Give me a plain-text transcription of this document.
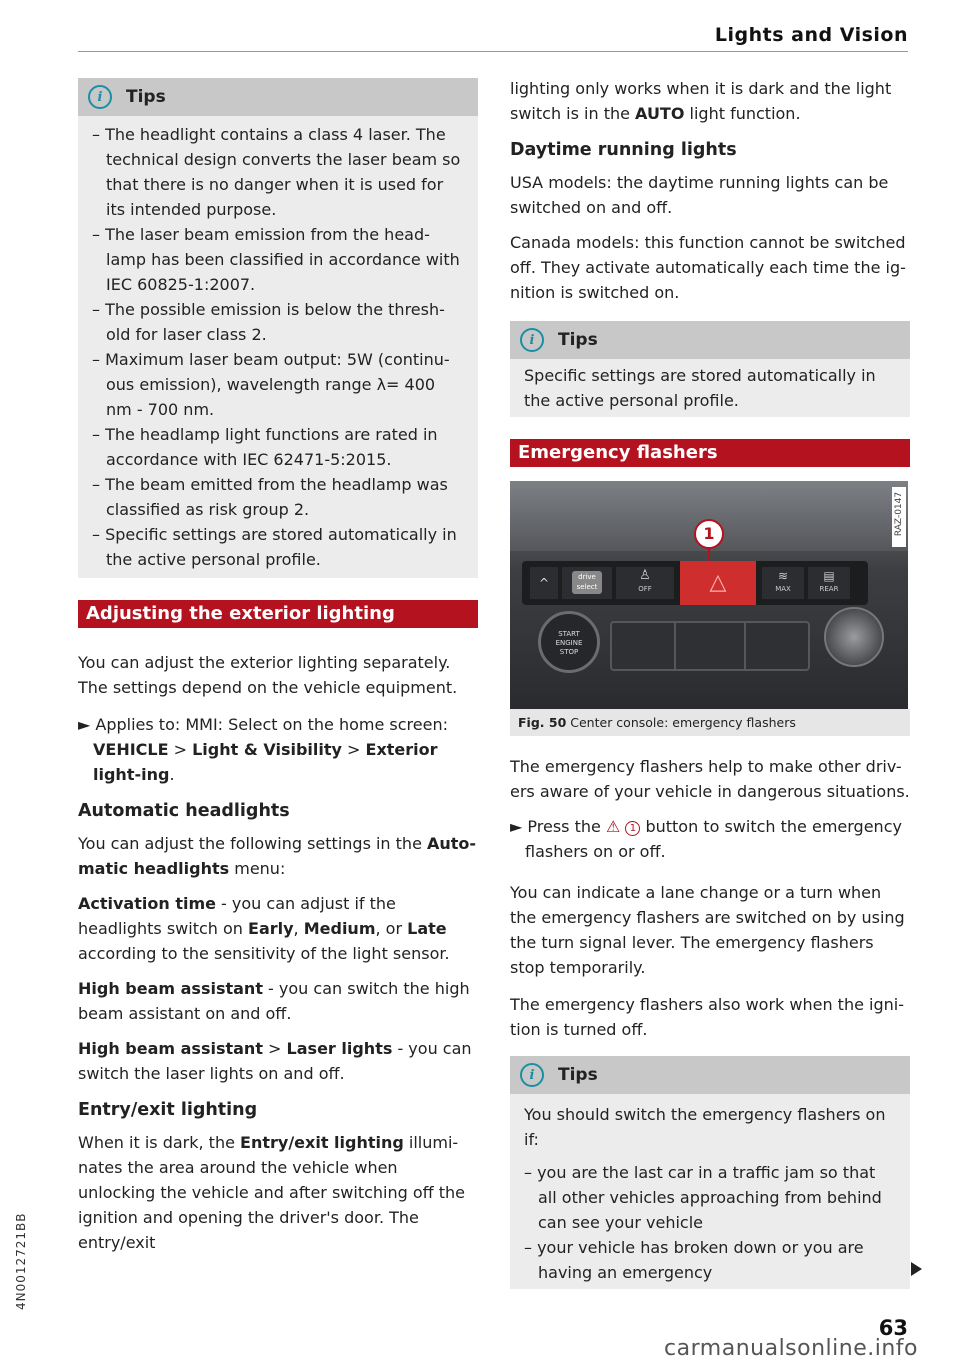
Lights and Vision
i	Tips

– The headlight contains a class 4 laser. The technical design converts the laser beam so that there is no danger when it is used for its intended purpose.

– The laser beam emission from the head-lamp has been classified in accordance with IEC 60825-1:2007.

– The possible emission is below the thresh-old for laser class 2.

– Maximum laser beam output: 5W (continu-ous emission), wavelength range λ= 400 nm - 700 nm.

– The headlamp light functions are rated in accordance with IEC 62471-5:2015.

– The beam emitted from the headlamp was classified as risk group 2.

– Specific settings are stored automatically in the active personal profile.

Adjusting the exterior lighting

You can adjust the exterior lighting separately. The settings depend on the vehicle equipment.

► Applies to: MMI: Select on the home screen: VEHICLE > Light & Visibility > Exterior light-ing.

Automatic headlights

You can adjust the following settings in the Auto-matic headlights menu:

Activation time - you can adjust if the headlights switch on Early, Medium, or Late according to the sensitivity of the light sensor.

High beam assistant - you can switch the high beam assistant on and off.

High beam assistant > Laser lights - you can switch the laser lights on and off.

Entry/exit lighting

When it is dark, the Entry/exit lighting illumi-nates the area around the vehicle when unlocking the vehicle and after switching off the ignition and opening the driver's door. The entry/exit

lighting only works when it is dark and the light switch is in the AUTO light function.

Daytime running lights

USA models: the daytime running lights can be switched on and off.

Canada models: this function cannot be switched off. They activate automatically each time the ig-nition is switched on.

i	Tips

Specific settings are stored automatically in the active personal profile.

Emergency flashers
RAZ-0147
1
^	drive
select
♙
OFF	△	≋
MAX
▤
REAR
START
ENGINE
STOP
Fig. 50 Center console: emergency flashers

The emergency flashers help to make other driv-ers aware of your vehicle in dangerous situations.

► Press the ⚠ 1 button to switch the emergency flashers on or off.

You can indicate a lane change or a turn when the emergency flashers are switched on by using the turn signal lever. The emergency flashers stop temporarily.

The emergency flashers also work when the igni-tion is turned off.

i	Tips

You should switch the emergency flashers on if:

– you are the last car in a traffic jam so that all other vehicles approaching from behind can see your vehicle

– your vehicle has broken down or you are having an emergency

63
4N0012721BB
carmanualsonline.info
